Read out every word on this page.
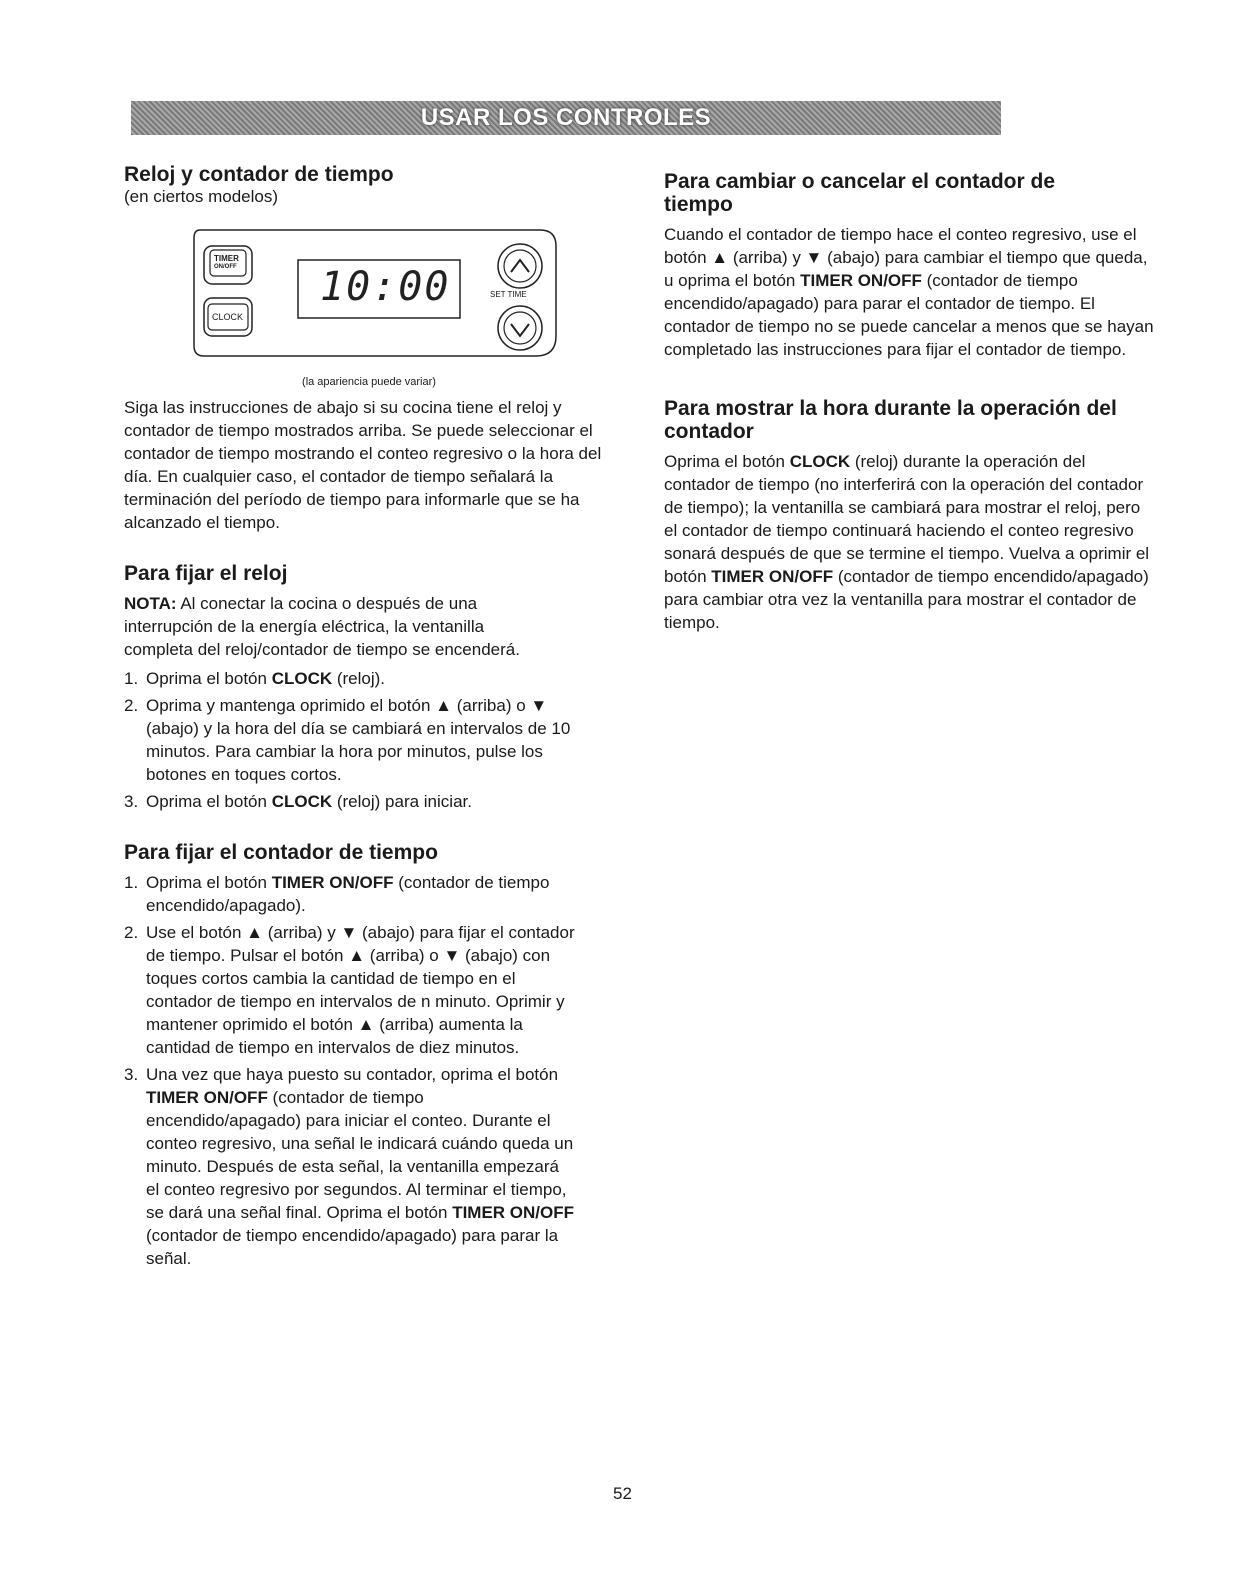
USAR LOS CONTROLES
Reloj y contador de tiempo

(en ciertos modelos)

TIMER
ON/OFF
CLOCK
10:00	SET TIME

(la apariencia puede variar)

Siga las instrucciones de abajo si su cocina tiene el reloj y contador de tiempo mostrados arriba. Se puede seleccionar el contador de tiempo mostrando el conteo regresivo o la hora del día. En cualquier caso, el contador de tiempo señalará la terminación del período de tiempo para informarle que se ha alcanzado el tiempo.

Para fijar el reloj

NOTA: Al conectar la cocina o después de una interrupción de la energía eléctrica, la ventanilla completa del reloj/contador de tiempo se encenderá.

1. Oprima el botón CLOCK (reloj).
2. Oprima y mantenga oprimido el botón ▲ (arriba) o ▼ (abajo) y la hora del día se cambiará en intervalos de 10 minutos. Para cambiar la hora por minutos, pulse los botones en toques cortos.
3. Oprima el botón CLOCK (reloj) para iniciar.
Para fijar el contador de tiempo
1. Oprima el botón TIMER ON/OFF (contador de tiempo encendido/apagado).
2. Use el botón ▲ (arriba) y ▼ (abajo) para fijar el contador de tiempo. Pulsar el botón ▲ (arriba) o ▼ (abajo) con toques cortos cambia la cantidad de tiempo en el contador de tiempo en intervalos de n minuto. Oprimir y mantener oprimido el botón ▲ (arriba) aumenta la cantidad de tiempo en intervalos de diez minutos.
3. Una vez que haya puesto su contador, oprima el botón TIMER ON/OFF (contador de tiempo encendido/apagado) para iniciar el conteo. Durante el conteo regresivo, una señal le indicará cuándo queda un minuto. Después de esta señal, la ventanilla empezará el conteo regresivo por segundos. Al terminar el tiempo, se dará una señal final. Oprima el botón TIMER ON/OFF (contador de tiempo encendido/apagado) para parar la señal.
Para cambiar o cancelar el contador de tiempo

Cuando el contador de tiempo hace el conteo regresivo, use el botón ▲ (arriba) y ▼ (abajo) para cambiar el tiempo que queda, u oprima el botón TIMER ON/OFF (contador de tiempo encendido/apagado) para parar el contador de tiempo. El contador de tiempo no se puede cancelar a menos que se hayan completado las instrucciones para fijar el contador de tiempo.

Para mostrar la hora durante la operación del contador

Oprima el botón CLOCK (reloj) durante la operación del contador de tiempo (no interferirá con la operación del contador de tiempo); la ventanilla se cambiará para mostrar el reloj, pero el contador de tiempo continuará haciendo el conteo regresivo sonará después de que se termine el tiempo. Vuelva a oprimir el botón TIMER ON/OFF (contador de tiempo encendido/apagado) para cambiar otra vez la ventanilla para mostrar el contador de tiempo.

52
